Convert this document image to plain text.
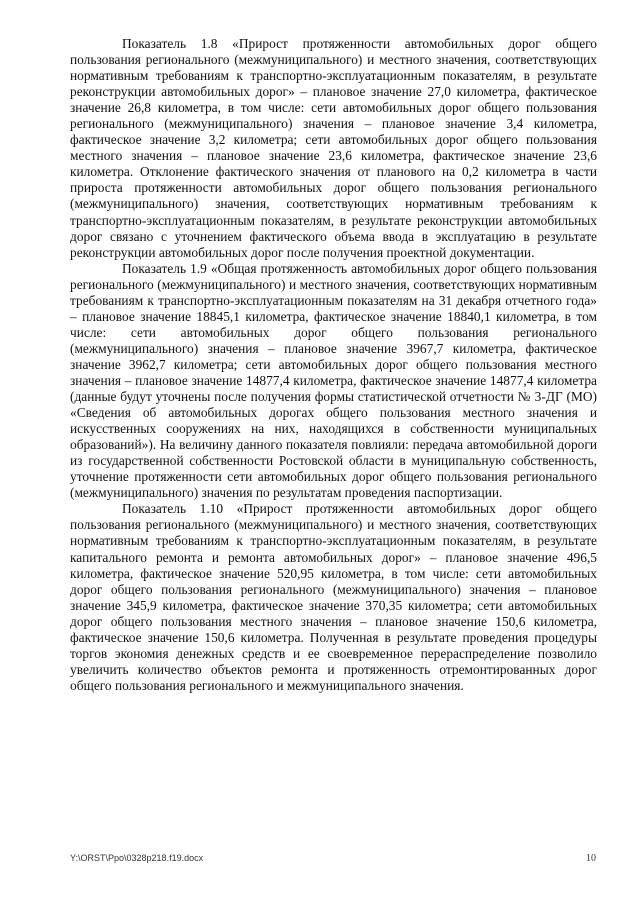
Показатель 1.8 «Прирост протяженности автомобильных дорог общего пользования регионального (межмуниципального) и местного значения, соответствующих нормативным требованиям к транспортно-эксплуатационным показателям, в результате реконструкции автомобильных дорог» – плановое значение 27,0 километра, фактическое значение 26,8 километра, в том числе: сети автомобильных дорог общего пользования регионального (межмуниципального) значения – плановое значение 3,4 километра, фактическое значение 3,2 километра; сети автомобильных дорог общего пользования местного значения – плановое значение 23,6 километра, фактическое значение 23,6 километра. Отклонение фактического значения от планового на 0,2 километра в части прироста протяженности автомобильных дорог общего пользования регионального (межмуниципального) значения, соответствующих нормативным требованиям к транспортно-эксплуатационным показателям, в результате реконструкции автомобильных дорог связано с уточнением фактического объема ввода в эксплуатацию в результате реконструкции автомобильных дорог после получения проектной документации.

Показатель 1.9 «Общая протяженность автомобильных дорог общего пользования регионального (межмуниципального) и местного значения, соответствующих нормативным требованиям к транспортно-эксплуатационным показателям на 31 декабря отчетного года» – плановое значение 18845,1 километра, фактическое значение 18840,1 километра, в том числе: сети автомобильных дорог общего пользования регионального (межмуниципального) значения – плановое значение 3967,7 километра, фактическое значение 3962,7 километра; сети автомобильных дорог общего пользования местного значения – плановое значение 14877,4 километра, фактическое значение 14877,4 километра (данные будут уточнены после получения формы статистической отчетности № 3-ДГ (МО) «Сведения об автомобильных дорогах общего пользования местного значения и искусственных сооружениях на них, находящихся в собственности муниципальных образований»). На величину данного показателя повлияли: передача автомобильной дороги из государственной собственности Ростовской области в муниципальную собственность, уточнение протяженности сети автомобильных дорог общего пользования регионального (межмуниципального) значения по результатам проведения паспортизации.

Показатель 1.10 «Прирост протяженности автомобильных дорог общего пользования регионального (межмуниципального) и местного значения, соответствующих нормативным требованиям к транспортно-эксплуатационным показателям, в результате капитального ремонта и ремонта автомобильных дорог» – плановое значение 496,5 километра, фактическое значение 520,95 километра, в том числе: сети автомобильных дорог общего пользования регионального (межмуниципального) значения – плановое значение 345,9 километра, фактическое значение 370,35 километра; сети автомобильных дорог общего пользования местного значения – плановое значение 150,6 километра, фактическое значение 150,6 километра. Полученная в результате проведения процедуры торгов экономия денежных средств и ее своевременное перераспределение позволило увеличить количество объектов ремонта и протяженность отремонтированных дорог общего пользования регионального и межмуниципального значения.

Y:\ORST\Ppo\0328p218.f19.docx	10
